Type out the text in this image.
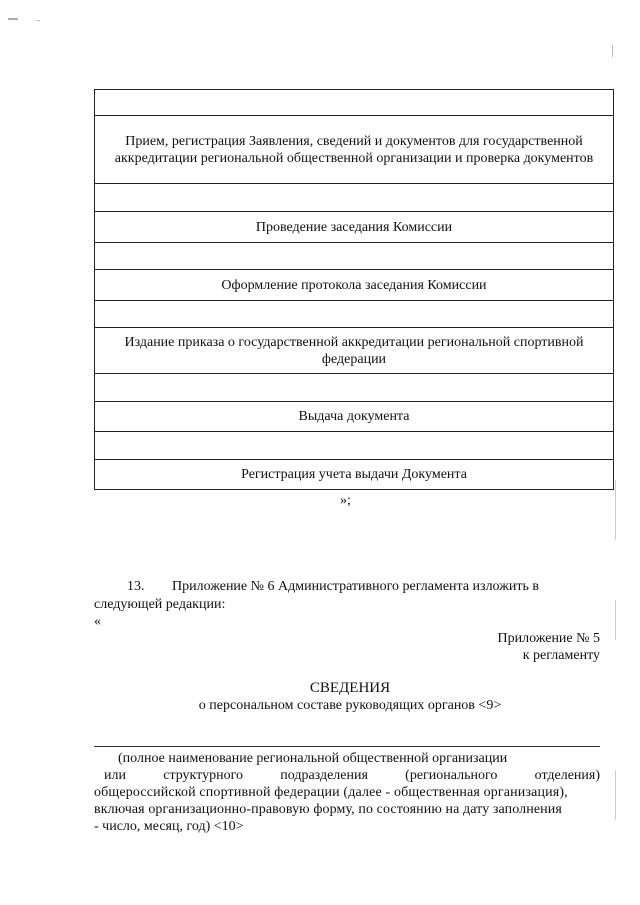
Прием, регистрация Заявления, сведений и документов для государственной аккредитации региональной общественной организации и проверка документов
Проведение заседания Комиссии
Оформление протокола заседания Комиссии
Издание приказа о государственной аккредитации региональной спортивной федерации
Выдача документа
Регистрация учета выдачи Документа
»;
13. Приложение № 6 Административного регламента изложить в
следующей редакции:
«
Приложение № 5
к регламенту
СВЕДЕНИЯ
о персональном составе руководящих органов <9>
(полное наименование региональной общественной организации
или	структурного	подразделения	(регионального	отделения)
общероссийской спортивной федерации (далее - общественная организация),
включая организационно-правовую форму, по состоянию на дату заполнения
- число, месяц, год) <10>
